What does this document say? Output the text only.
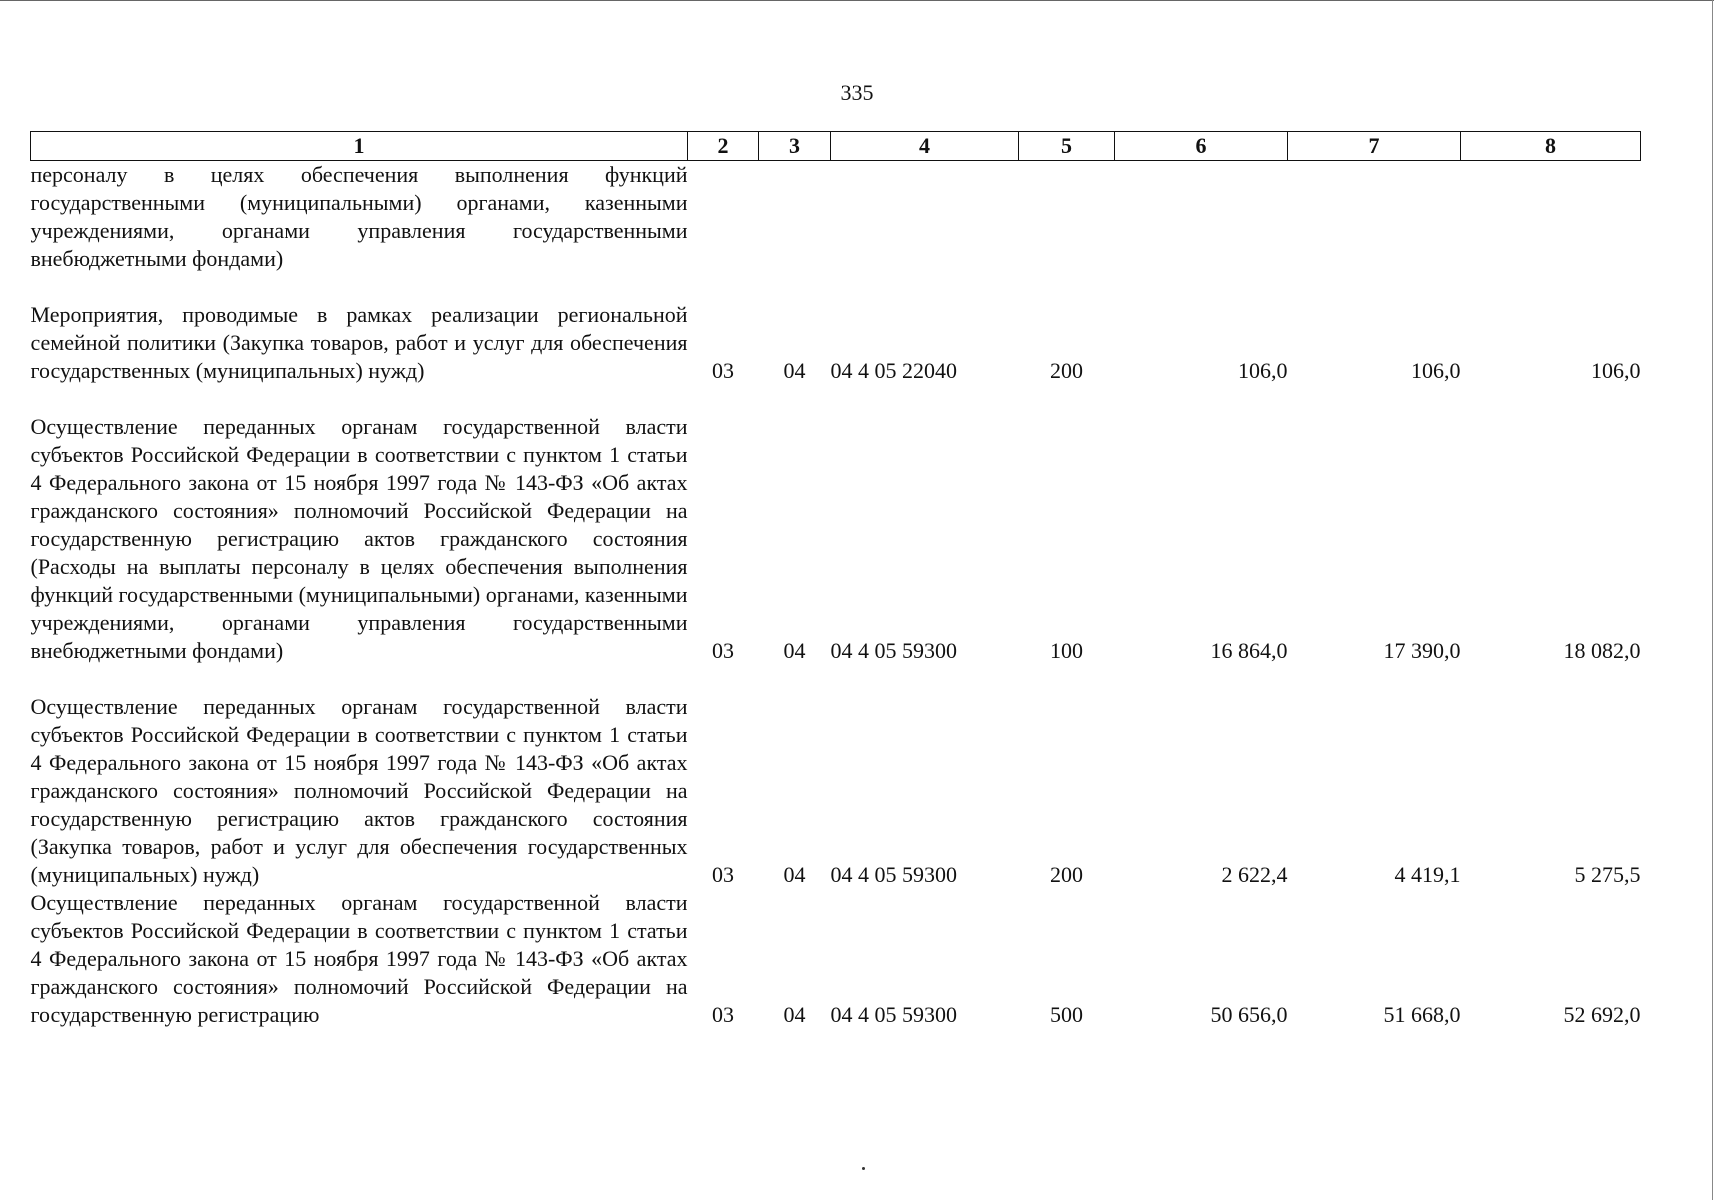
335
1	2	3	4	5	6	7	8
персоналу в целях обеспечения выполнения функций государственными (муниципальными) органами, казенными учреждениями, органами управления государственными внебюджетными фондами)							
Мероприятия, проводимые в рамках реализации региональной семейной политики (Закупка товаров, работ и услуг для обеспечения государственных (муниципальных) нужд)	03	04	04 4 05 22040	200	106,0	106,0	106,0
Осуществление переданных органам государственной власти субъектов Российской Федерации в соответствии с пунктом 1 статьи 4 Федерального закона от 15 ноября 1997 года № 143-ФЗ «Об актах гражданского состояния» полномочий Российской Федерации на государственную регистрацию актов гражданского состояния (Расходы на выплаты персоналу в целях обеспечения выполнения функций государственными (муниципальными) органами, казенными учреждениями, органами управления государственными внебюджетными фондами)	03	04	04 4 05 59300	100	16 864,0	17 390,0	18 082,0
Осуществление переданных органам государственной власти субъектов Российской Федерации в соответствии с пунктом 1 статьи 4 Федерального закона от 15 ноября 1997 года № 143-ФЗ «Об актах гражданского состояния» полномочий Российской Федерации на государственную регистрацию актов гражданского состояния (Закупка товаров, работ и услуг для обеспечения государственных (муниципальных) нужд)	03	04	04 4 05 59300	200	2 622,4	4 419,1	5 275,5
Осуществление переданных органам государственной власти субъектов Российской Федерации в соответствии с пунктом 1 статьи 4 Федерального закона от 15 ноября 1997 года № 143-ФЗ «Об актах гражданского состояния» полномочий Российской Федерации на государственную регистрацию	03	04	04 4 05 59300	500	50 656,0	51 668,0	52 692,0
